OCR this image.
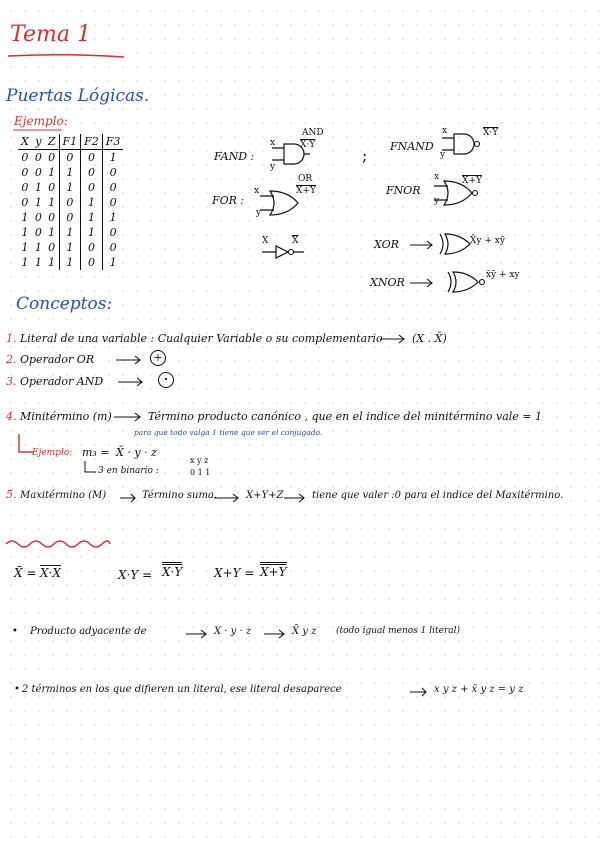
Tema 1
Puertas Lógicas.
Ejemplo:
X	y	Z	F1	F2	F3
0	0	0	0	0	1
0	0	1	1	0	0
0	1	0	1	0	0
0	1	1	0	1	0
1	0	0	0	1	1
1	0	1	1	1	0
1	1	0	1	0	0
1	1	1	1	0	1
FAND :
AND
X·Y
x
y
; FNAND
x
y
X·Y
FOR :
OR
X+Y
x
y
FNOR
x
y
X+Y
X	$\overline{X}$	XOR	X̄y + xȳ
XNOR
x̄ȳ + xy
Conceptos:
1. Literal de una variable : Cualquier Variable o su complementario	(X . X̄)
2. Operador OR	+
3. Operador AND	·
4. Minitérmino (m)	Término producto canónico , que en el indice del minitérmino vale = 1
para que todo valga 1 tiene que ser el conjugado.
Ejemplo: m₃ = X̄ · y · z
3 en binario :
x y z
0 1 1
5. Maxitérmino (M)	Término suma.	X+Y+Z	tiene que valer :0 para el indice del Maxitérmino.
X̄ = X·X	X·Y = X·Y	X+Y = X+Y
• Producto adyacente de	X · y · z	X̄ y z (todo igual menos 1 literal)
• 2 términos en los que difieren un literal, ese literal desaparece	x y z + x̄ y z = y z
